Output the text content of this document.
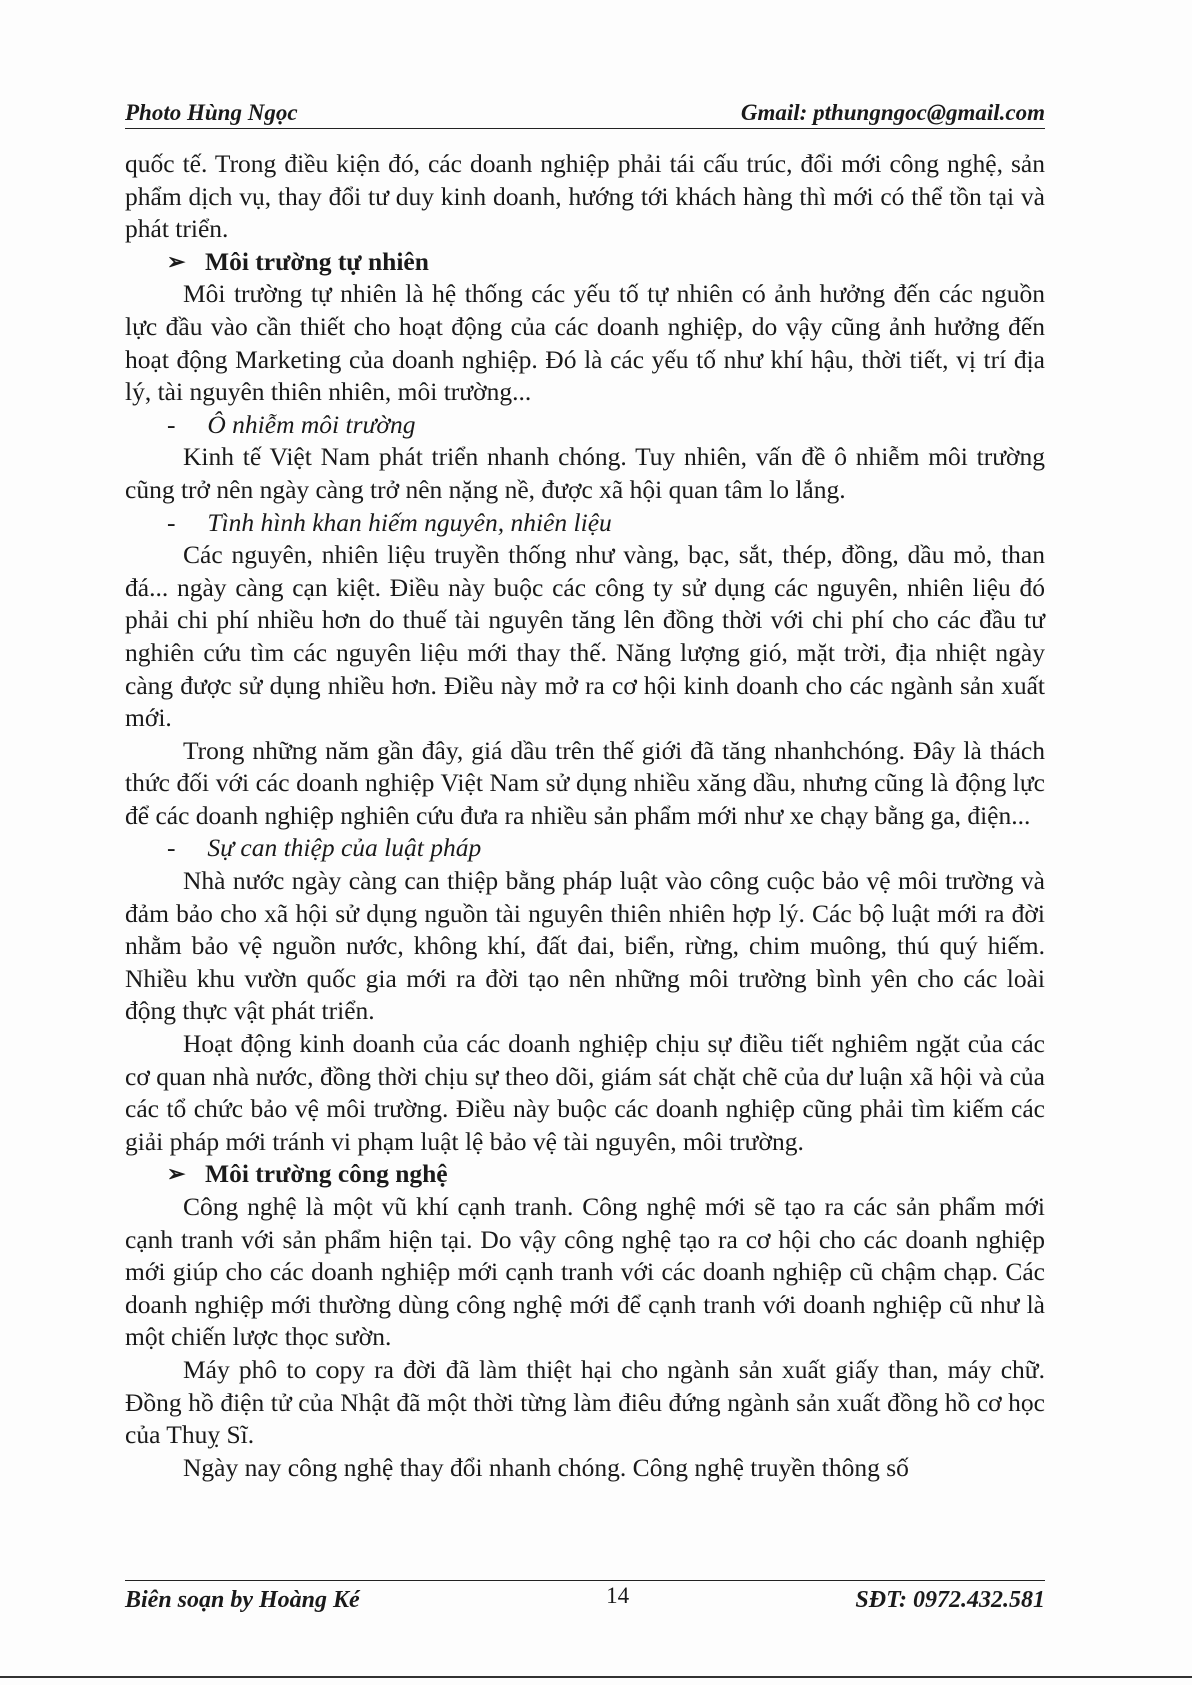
Photo Hùng Ngọc	Gmail: pthungngoc@gmail.com

quốc tế. Trong điều kiện đó, các doanh nghiệp phải tái cấu trúc, đổi mới công nghệ, sản phẩm dịch vụ, thay đổi tư duy kinh doanh, hướng tới khách hàng thì mới có thể tồn tại và phát triển.

➢ Môi trường tự nhiên

Môi trường tự nhiên là hệ thống các yếu tố tự nhiên có ảnh hưởng đến các nguồn lực đầu vào cần thiết cho hoạt động của các doanh nghiệp, do vậy cũng ảnh hưởng đến hoạt động Marketing của doanh nghiệp. Đó là các yếu tố như khí hậu, thời tiết, vị trí địa lý, tài nguyên thiên nhiên, môi trường...

- Ô nhiễm môi trường

Kinh tế Việt Nam phát triển nhanh chóng. Tuy nhiên, vấn đề ô nhiễm môi trường cũng trở nên ngày càng trở nên nặng nề, được xã hội quan tâm lo lắng.

- Tình hình khan hiếm nguyên, nhiên liệu

Các nguyên, nhiên liệu truyền thống như vàng, bạc, sắt, thép, đồng, dầu mỏ, than đá... ngày càng cạn kiệt. Điều này buộc các công ty sử dụng các nguyên, nhiên liệu đó phải chi phí nhiều hơn do thuế tài nguyên tăng lên đồng thời với chi phí cho các đầu tư nghiên cứu tìm các nguyên liệu mới thay thế. Năng lượng gió, mặt trời, địa nhiệt ngày càng được sử dụng nhiều hơn. Điều này mở ra cơ hội kinh doanh cho các ngành sản xuất mới.

Trong những năm gần đây, giá dầu trên thế giới đã tăng nhanhchóng. Đây là thách thức đối với các doanh nghiệp Việt Nam sử dụng nhiều xăng dầu, nhưng cũng là động lực để các doanh nghiệp nghiên cứu đưa ra nhiều sản phẩm mới như xe chạy bằng ga, điện...

- Sự can thiệp của luật pháp

Nhà nước ngày càng can thiệp bằng pháp luật vào công cuộc bảo vệ môi trường và đảm bảo cho xã hội sử dụng nguồn tài nguyên thiên nhiên hợp lý. Các bộ luật mới ra đời nhằm bảo vệ nguồn nước, không khí, đất đai, biển, rừng, chim muông, thú quý hiếm. Nhiều khu vườn quốc gia mới ra đời tạo nên những môi trường bình yên cho các loài động thực vật phát triển.

Hoạt động kinh doanh của các doanh nghiệp chịu sự điều tiết nghiêm ngặt của các cơ quan nhà nước, đồng thời chịu sự theo dõi, giám sát chặt chẽ của dư luận xã hội và của các tổ chức bảo vệ môi trường. Điều này buộc các doanh nghiệp cũng phải tìm kiếm các giải pháp mới tránh vi phạm luật lệ bảo vệ tài nguyên, môi trường.

➢ Môi trường công nghệ

Công nghệ là một vũ khí cạnh tranh. Công nghệ mới sẽ tạo ra các sản phẩm mới cạnh tranh với sản phẩm hiện tại. Do vậy công nghệ tạo ra cơ hội cho các doanh nghiệp mới giúp cho các doanh nghiệp mới cạnh tranh với các doanh nghiệp cũ chậm chạp. Các doanh nghiệp mới thường dùng công nghệ mới để cạnh tranh với doanh nghiệp cũ như là một chiến lược thọc sườn.

Máy phô to copy ra đời đã làm thiệt hại cho ngành sản xuất giấy than, máy chữ. Đồng hồ điện tử của Nhật đã một thời từng làm điêu đứng ngành sản xuất đồng hồ cơ học của Thuỵ Sĩ.

Ngày nay công nghệ thay đổi nhanh chóng. Công nghệ truyền thông số

Biên soạn by Hoàng Ké	14	SĐT: 0972.432.581
